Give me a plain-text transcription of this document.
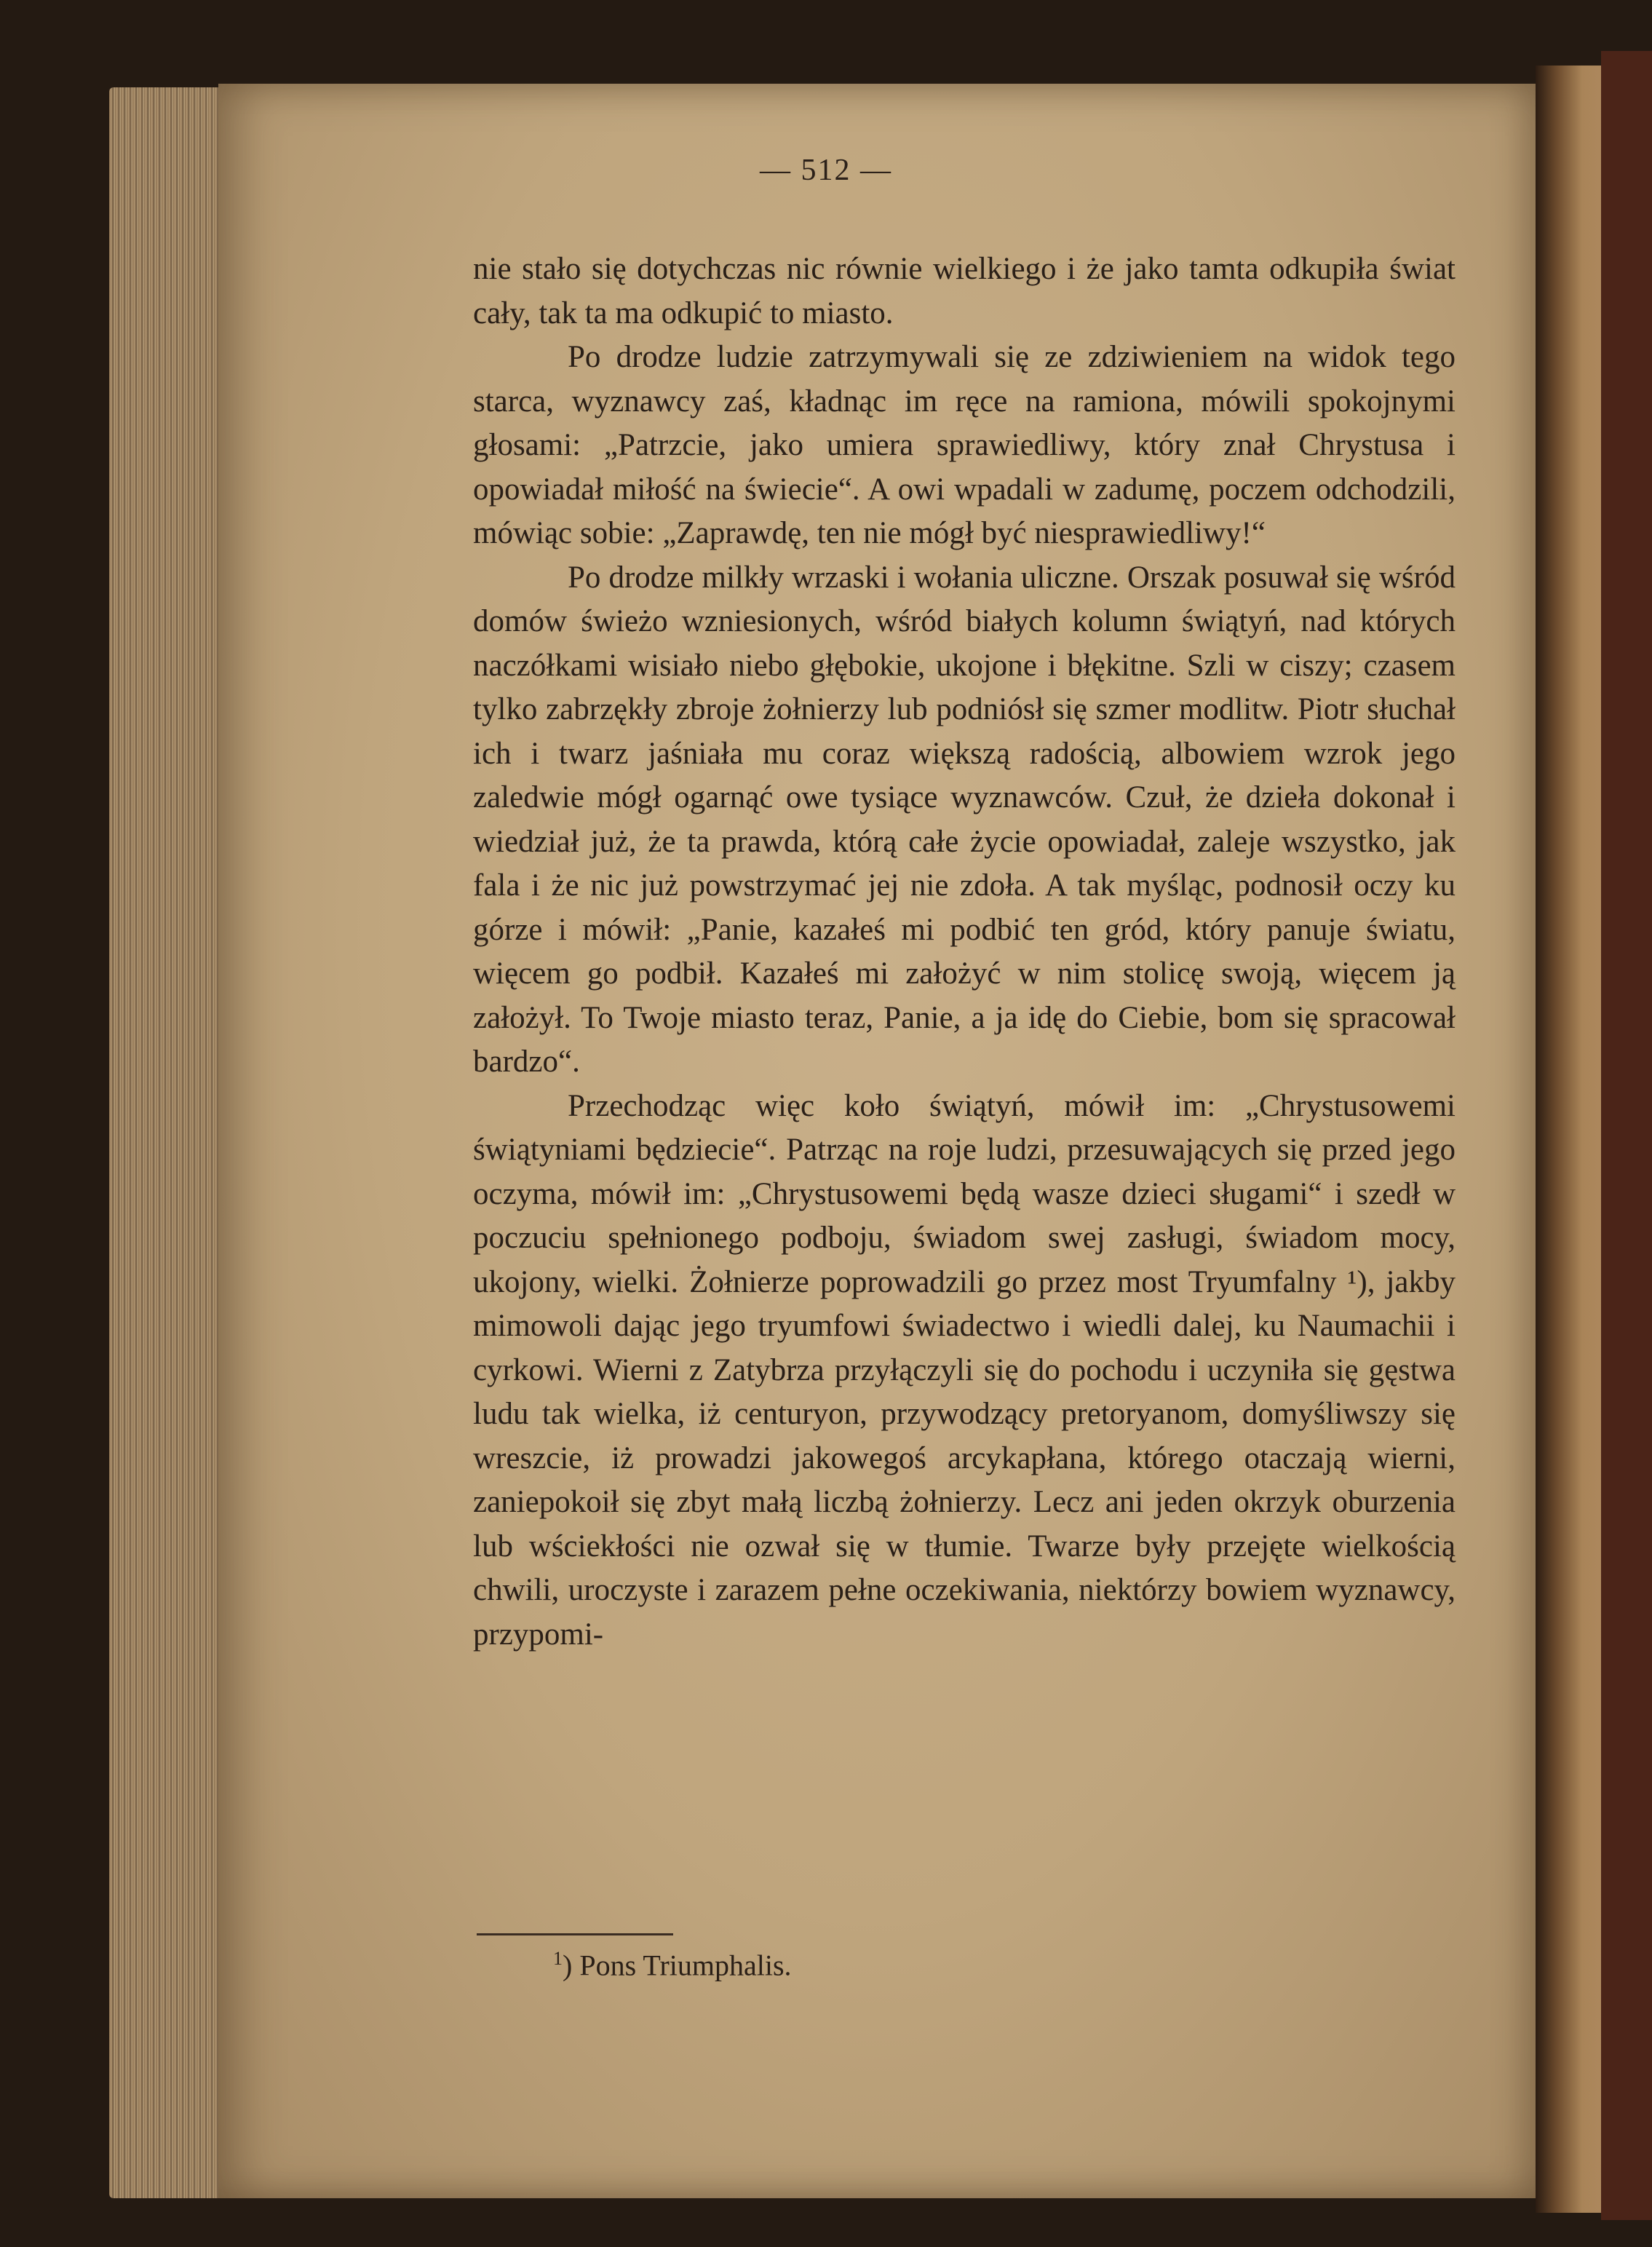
— 512 —

nie stało się dotychczas nic równie wielkiego i że jako tamta odkupiła świat cały, tak ta ma odkupić to miasto.

Po drodze ludzie zatrzymywali się ze zdziwieniem na widok tego starca, wyznawcy zaś, kładnąc im ręce na ramiona, mówili spokojnymi głosami: „Patrzcie, jako umiera sprawiedliwy, który znał Chrystusa i opowiadał miłość na świecie“. A owi wpadali w zadumę, poczem odchodzili, mówiąc sobie: „Zaprawdę, ten nie mógł być niesprawiedliwy!“

Po drodze milkły wrzaski i wołania uliczne. Orszak posuwał się wśród domów świeżo wzniesionych, wśród białych kolumn świątyń, nad których naczółkami wisiało niebo głębokie, ukojone i błękitne. Szli w ciszy; czasem tylko zabrzękły zbroje żołnierzy lub podniósł się szmer modlitw. Piotr słuchał ich i twarz jaśniała mu coraz większą radością, albowiem wzrok jego zaledwie mógł ogarnąć owe tysiące wyznawców. Czuł, że dzieła dokonał i wiedział już, że ta prawda, którą całe życie opowiadał, zaleje wszystko, jak fala i że nic już powstrzymać jej nie zdoła. A tak myśląc, podnosił oczy ku górze i mówił: „Panie, kazałeś mi podbić ten gród, który panuje światu, więcem go podbił. Kazałeś mi założyć w nim stolicę swoją, więcem ją założył. To Twoje miasto teraz, Panie, a ja idę do Ciebie, bom się spracował bardzo“.

Przechodząc więc koło świątyń, mówił im: „Chrystusowemi świątyniami będziecie“. Patrząc na roje ludzi, przesuwających się przed jego oczyma, mówił im: „Chrystusowemi będą wasze dzieci sługami“ i szedł w poczuciu spełnionego podboju, świadom swej zasługi, świadom mocy, ukojony, wielki. Żołnierze poprowadzili go przez most Tryumfalny ¹), jakby mimowoli dając jego tryumfowi świadectwo i wiedli dalej, ku Naumachii i cyrkowi. Wierni z Zatybrza przyłączyli się do pochodu i uczyniła się gęstwa ludu tak wielka, iż centuryon, przywodzący pretoryanom, domyśliwszy się wreszcie, iż prowadzi jakowegoś arcykapłana, którego otaczają wierni, zaniepokoił się zbyt małą liczbą żołnierzy. Lecz ani jeden okrzyk oburzenia lub wściekłości nie ozwał się w tłumie. Twarze były przejęte wielkością chwili, uroczyste i zarazem pełne oczekiwania, niektórzy bowiem wyznawcy, przypomi-

$^1$) Pons Triumphalis.
